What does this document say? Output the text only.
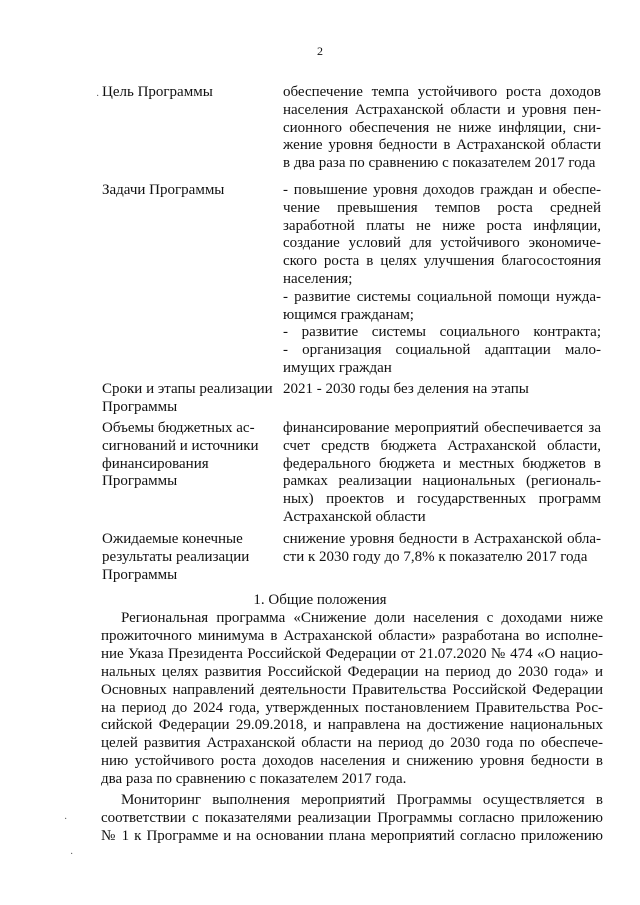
2
Цель Программы	обеспечение темпа устойчивого роста доходов
населения Астраханской области и уровня пен-
сионного обеспечения не ниже инфляции, сни-
жение уровня бедности в Астраханской области
в два раза по сравнению с показателем 2017 года
Задачи Программы	- повышение уровня доходов граждан и обеспе-
чение превышения темпов роста средней
заработной платы не ниже роста инфляции,
создание условий для устойчивого экономиче-
ского роста в целях улучшения благосостояния
населения;
- развитие системы социальной помощи нужда-
ющимся гражданам;
- развитие системы социального контракта;
- организация социальной адаптации мало-
имущих граждан
Сроки и этапы реализации
Программы
2021 - 2030 годы без деления на этапы
Объемы бюджетных ас-
сигнований и источники
финансирования
Программы
финансирование мероприятий обеспечивается за
счет средств бюджета Астраханской области,
федерального бюджета и местных бюджетов в
рамках реализации национальных (региональ-
ных) проектов и государственных программ
Астраханской области
Ожидаемые конечные
результаты реализации
Программы
снижение уровня бедности в Астраханской обла-
сти к 2030 году до 7,8% к показателю 2017 года
1. Общие положения
Региональная программа «Снижение доли населения с доходами ниже
прожиточного минимума в Астраханской области» разработана во исполне-
ние Указа Президента Российской Федерации от 21.07.2020 № 474 «О нацио-
нальных целях развития Российской Федерации на период до 2030 года» и
Основных направлений деятельности Правительства Российской Федерации
на период до 2024 года, утвержденных постановлением Правительства Рос-
сийской Федерации 29.09.2018, и направлена на достижение национальных
целей развития Астраханской области на период до 2030 года по обеспече-
нию устойчивого роста доходов населения и снижению уровня бедности в
два раза по сравнению с показателем 2017 года.
Мониторинг выполнения мероприятий Программы осуществляется в
соответствии с показателями реализации Программы согласно приложению
№ 1 к Программе и на основании плана мероприятий согласно приложению
·
·
·
